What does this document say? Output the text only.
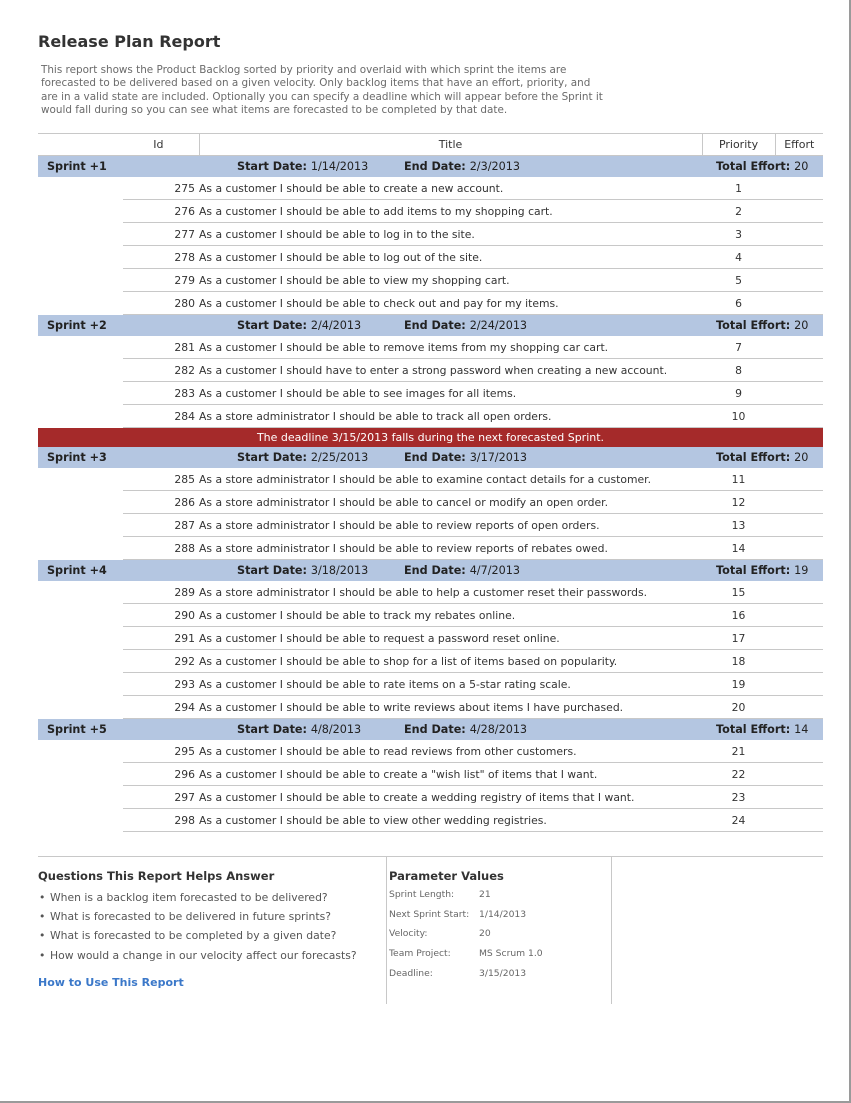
Release Plan Report
This report shows the Product Backlog sorted by priority and overlaid with which sprint the items are forecasted to be delivered based on a given velocity. Only backlog items that have an effort, priority, and are in a valid state are included. Optionally you can specify a deadline which will appear before the Sprint it would fall during so you can see what items are forecasted to be completed by that date.
Id		Title	Priority	Effort
Sprint +1		Start Date: 1/14/2013 End Date: 2/3/2013	Total Effort: 20	
	275	As a customer I should be able to create a new account.	1	
	276	As a customer I should be able to add items to my shopping cart.	2	
	277	As a customer I should be able to log in to the site.	3	
	278	As a customer I should be able to log out of the site.	4	
	279	As a customer I should be able to view my shopping cart.	5	
	280	As a customer I should be able to check out and pay for my items.	6	
Sprint +2		Start Date: 2/4/2013 End Date: 2/24/2013	Total Effort: 20	
	281	As a customer I should be able to remove items from my shopping car cart.	7	
	282	As a customer I should have to enter a strong password when creating a new account.	8	
	283	As a customer I should be able to see images for all items.	9	
	284	As a store administrator I should be able to track all open orders.	10	
The deadline 3/15/2013 falls during the next forecasted Sprint.				
Sprint +3		Start Date: 2/25/2013 End Date: 3/17/2013	Total Effort: 20	
	285	As a store administrator I should be able to examine contact details for a customer.	11	
	286	As a store administrator I should be able to cancel or modify an open order.	12	
	287	As a store administrator I should be able to review reports of open orders.	13	
	288	As a store administrator I should be able to review reports of rebates owed.	14	
Sprint +4		Start Date: 3/18/2013 End Date: 4/7/2013	Total Effort: 19	
	289	As a store administrator I should be able to help a customer reset their passwords.	15	
	290	As a customer I should be able to track my rebates online.	16	
	291	As a customer I should be able to request a password reset online.	17	
	292	As a customer I should be able to shop for a list of items based on popularity.	18	
	293	As a customer I should be able to rate items on a 5-star rating scale.	19	
	294	As a customer I should be able to write reviews about items I have purchased.	20	
Sprint +5		Start Date: 4/8/2013 End Date: 4/28/2013	Total Effort: 14	
	295	As a customer I should be able to read reviews from other customers.	21	
	296	As a customer I should be able to create a "wish list" of items that I want.	22	
	297	As a customer I should be able to create a wedding registry of items that I want.	23	
	298	As a customer I should be able to view other wedding registries.	24	
Questions This Report Helps Answer
• When is a backlog item forecasted to be delivered?
• What is forecasted to be delivered in future sprints?
• What is forecasted to be completed by a given date?
• How would a change in our velocity affect our forecasts?
How to Use This Report
Parameter Values
Sprint Length:	21
Next Sprint Start: 1/14/2013
Velocity:	20
Team Project:	MS Scrum 1.0
Deadline:	3/15/2013
